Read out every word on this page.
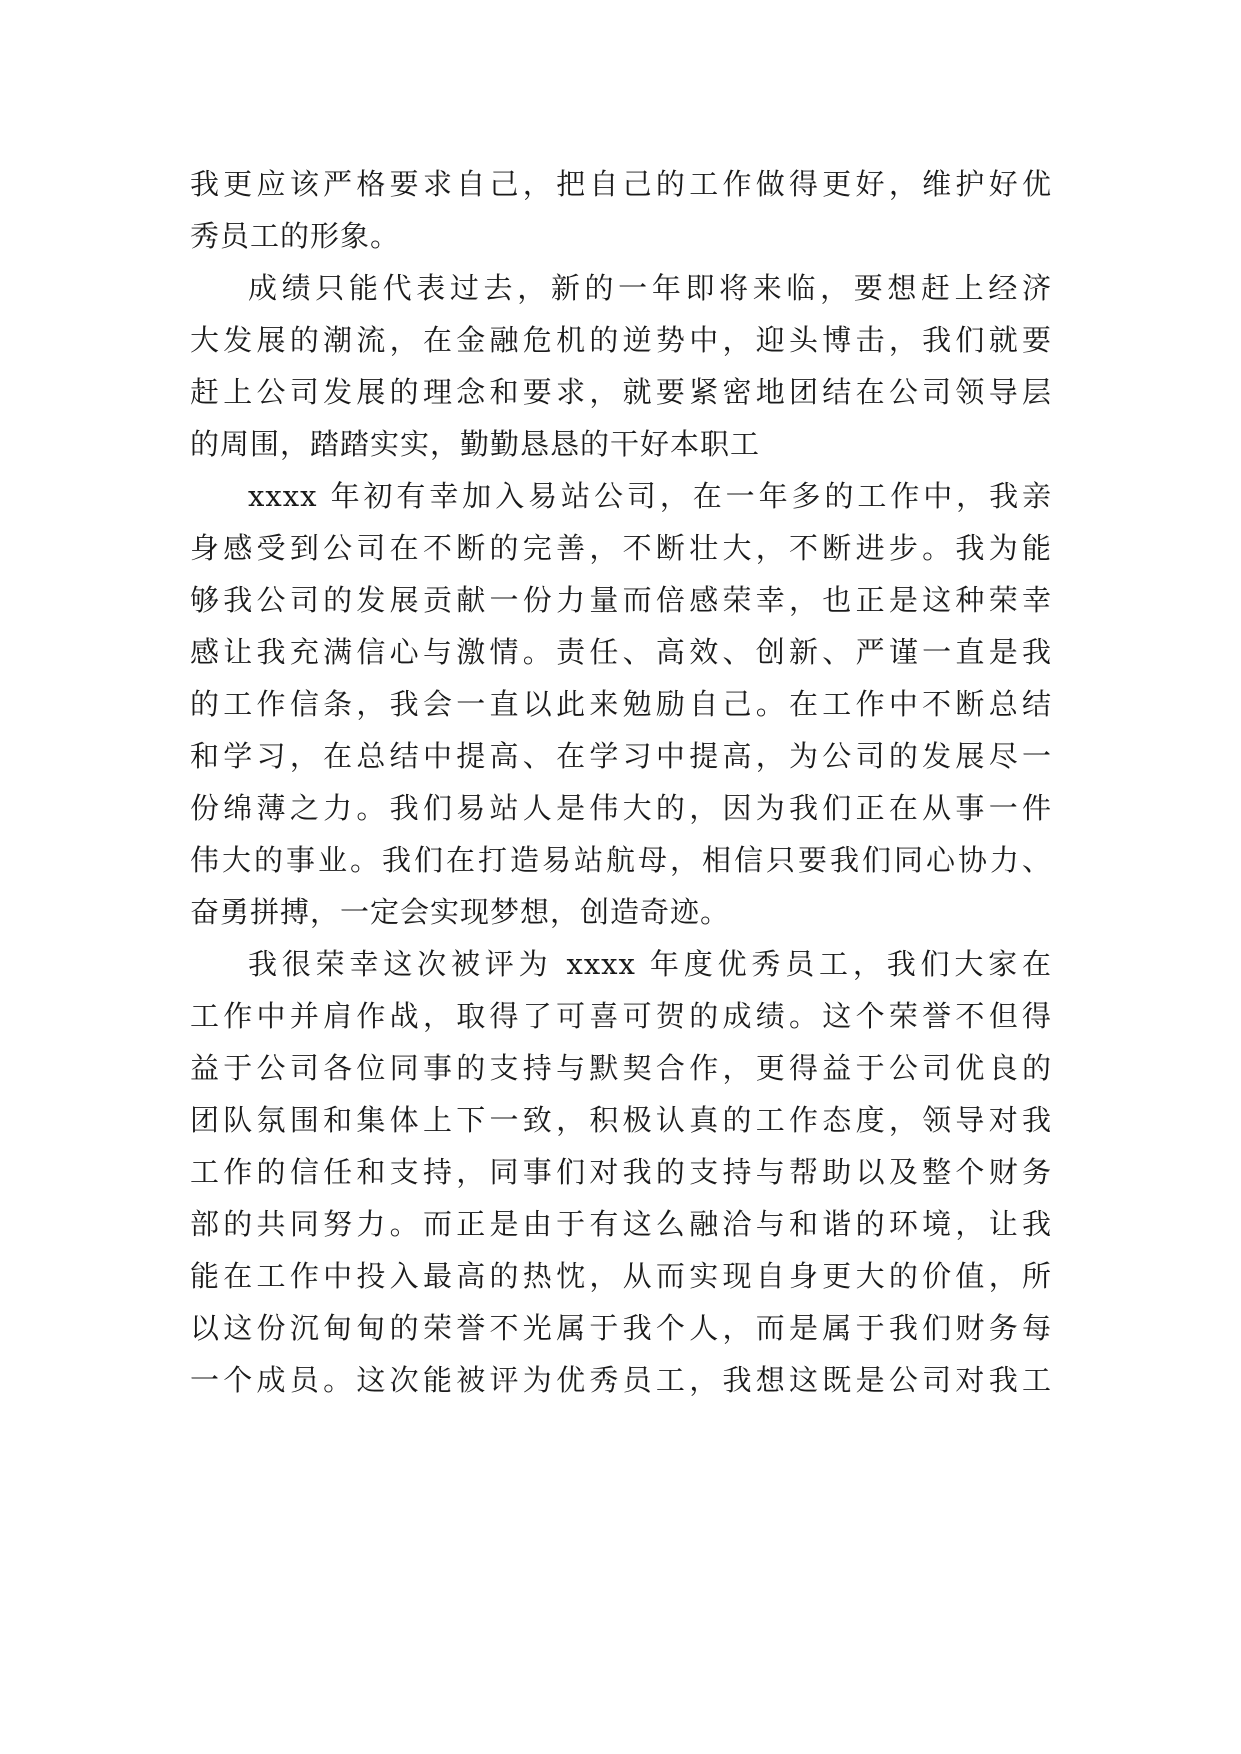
我更应该严格要求自己，把自己的工作做得更好，维护好优
秀员工的形象。
成绩只能代表过去，新的一年即将来临，要想赶上经济
大发展的潮流，在金融危机的逆势中，迎头博击，我们就要
赶上公司发展的理念和要求，就要紧密地团结在公司领导层
的周围，踏踏实实，勤勤恳恳的干好本职工
xxxx 年初有幸加入易站公司，在一年多的工作中，我亲
身感受到公司在不断的完善，不断壮大，不断进步。我为能
够我公司的发展贡献一份力量而倍感荣幸，也正是这种荣幸
感让我充满信心与激情。责任、高效、创新、严谨一直是我
的工作信条，我会一直以此来勉励自己。在工作中不断总结
和学习，在总结中提高、在学习中提高，为公司的发展尽一
份绵薄之力。我们易站人是伟大的，因为我们正在从事一件
伟大的事业。我们在打造易站航母，相信只要我们同心协力、
奋勇拼搏，一定会实现梦想，创造奇迹。
我很荣幸这次被评为 xxxx 年度优秀员工，我们大家在
工作中并肩作战，取得了可喜可贺的成绩。这个荣誉不但得
益于公司各位同事的支持与默契合作，更得益于公司优良的
团队氛围和集体上下一致，积极认真的工作态度，领导对我
工作的信任和支持，同事们对我的支持与帮助以及整个财务
部的共同努力。而正是由于有这么融洽与和谐的环境，让我
能在工作中投入最高的热忱，从而实现自身更大的价值，所
以这份沉甸甸的荣誉不光属于我个人，而是属于我们财务每
一个成员。这次能被评为优秀员工，我想这既是公司对我工
